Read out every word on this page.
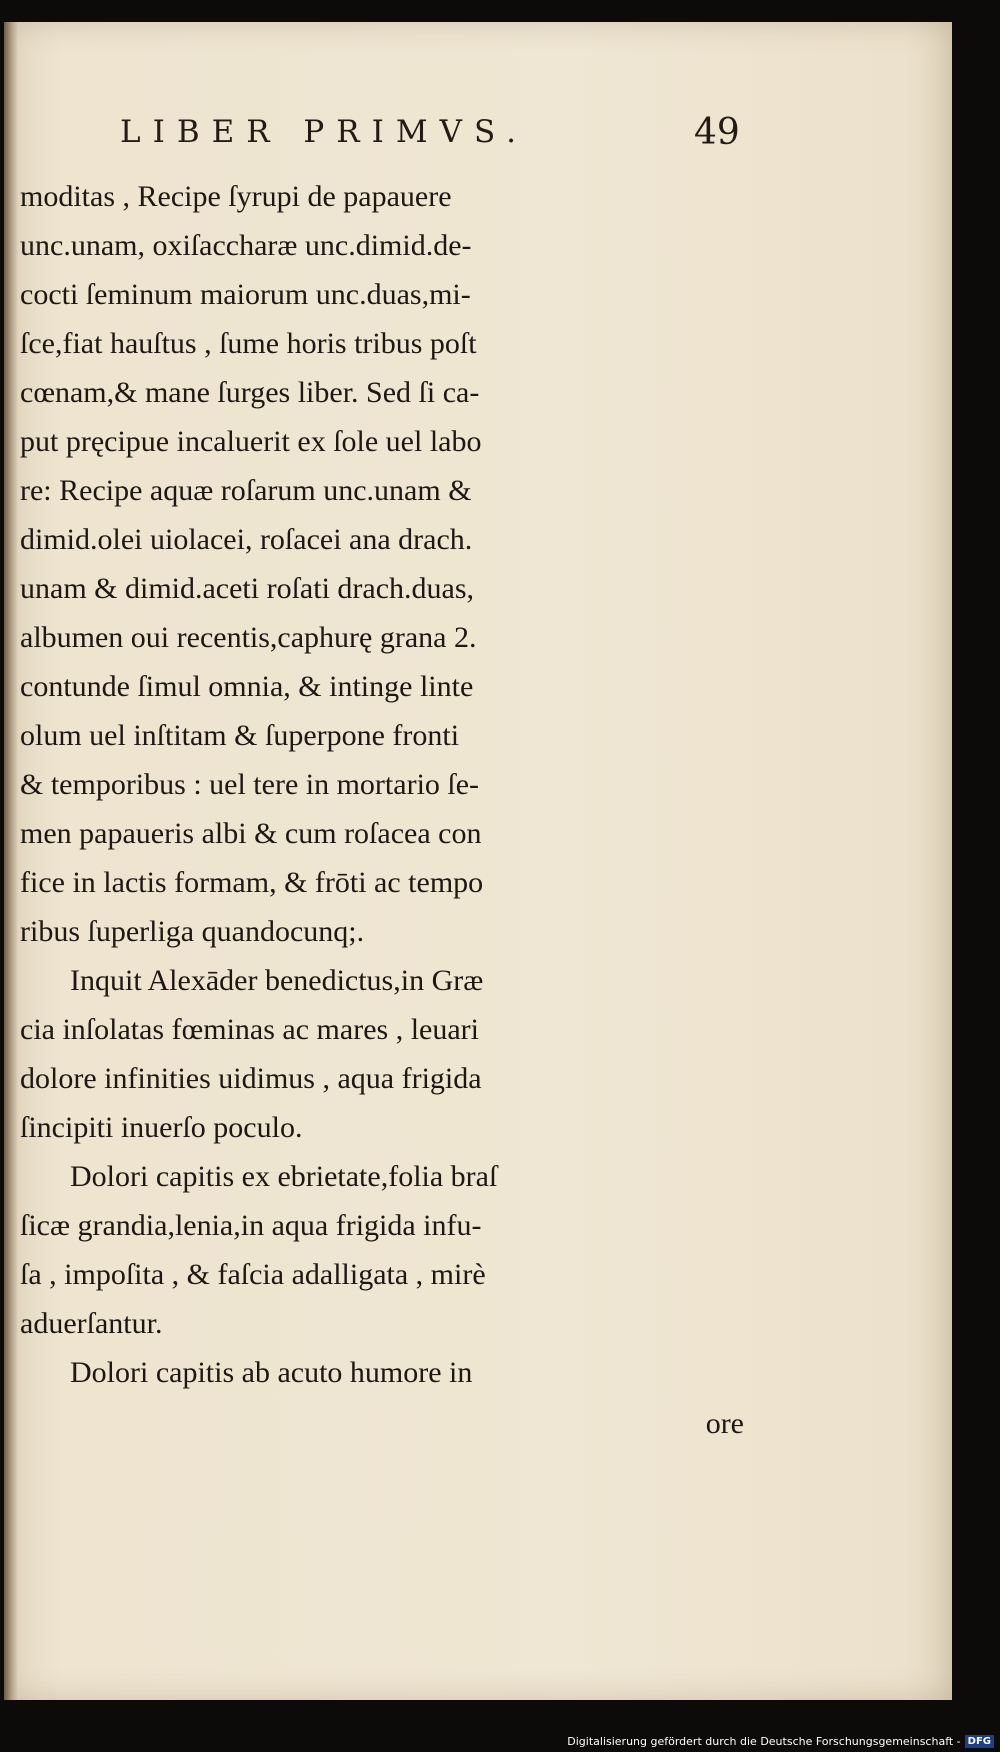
LIBER PRIMVS.	49

moditas , Recipe ſyrupi de papauere

unc.unam, oxiſaccharæ unc.dimid.de-

cocti ſeminum maiorum unc.duas,mi-

ſce,fiat hauſtus , ſume horis tribus poſt

cœnam,& mane ſurges liber. Sed ſi ca-

put pręcipue incaluerit ex ſole uel labo

re: Recipe aquæ roſarum unc.unam &

dimid.olei uiolacei, roſacei ana drach.

unam & dimid.aceti roſati drach.duas,

albumen oui recentis,caphurę grana 2.

contunde ſimul omnia, & intinge linte

olum uel inſtitam & ſuperpone fronti

& temporibus : uel tere in mortario ſe-

men papaueris albi & cum roſacea con

fice in lactis formam, & frōti ac tempo

ribus ſuperliga quandocunq;.

Inquit Alexāder benedictus,in Græ

cia inſolatas fœminas ac mares , leuari

dolore infinities uidimus , aqua frigida

ſincipiti inuerſo poculo.

Dolori capitis ex ebrietate,folia braſ

ſicæ grandia,lenia,in aqua frigida infu-

ſa , impoſita , & faſcia adalligata , mirè

aduerſantur.

Dolori capitis ab acuto humore in

ore

Digitalisierung gefördert durch die Deutsche Forschungsgemeinschaft - DFG
